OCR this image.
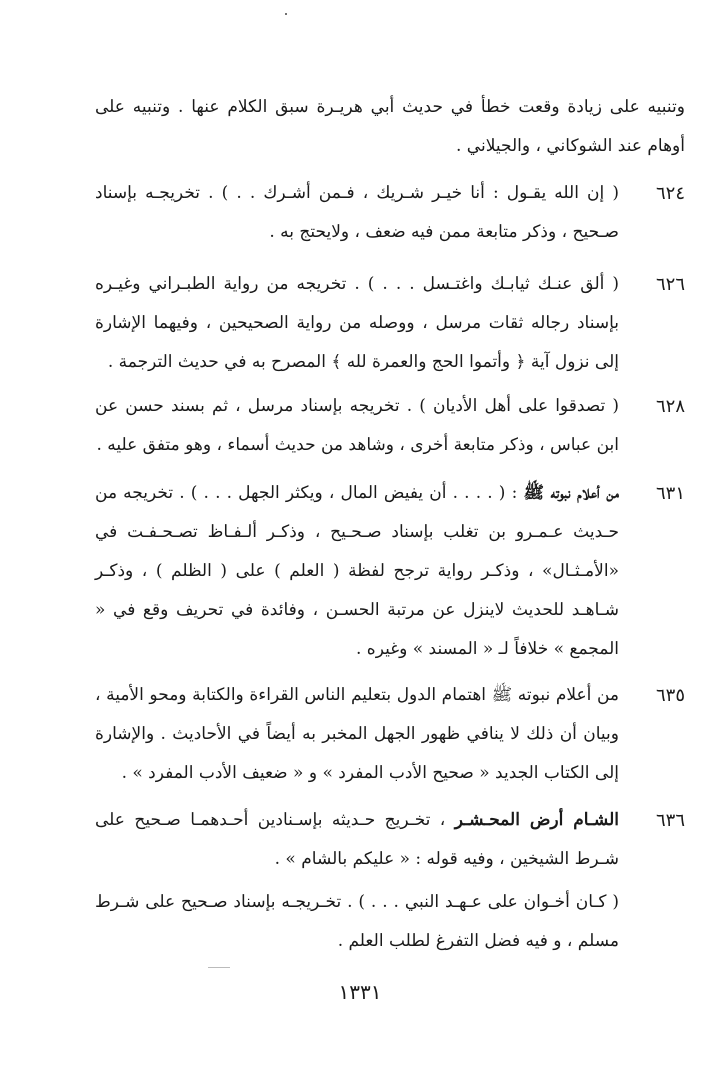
وتنبيه على زيادة وقعت خطأ في حديث أبي هريـرة سبق الكلام عنها . وتنبيه على أوهام عند الشوكاني ، والجيلاني .
٦٢٤
( إن الله يقـول : أنا خيـر شـريك ، فـمن أشـرك . . ) . تخريجـه بإسناد صـحيح ، وذكر متابعة ممن فيه ضعف ، ولايحتج به .
٦٢٦
( ألق عنـك ثيابـك واغتـسل . . . ) . تخريجه من رواية الطبـراني وغيـره بإسناد رجاله ثقات مرسل ، ووصله من رواية الصحيحين ، وفيهما الإشارة إلى نزول آية ﴿ وأتموا الحج والعمرة لله ﴾ المصرح به في حديث الترجمة .
٦٢٨
( تصدقوا على أهل الأديان ) . تخريجه بإسناد مرسل ، ثم بسند حسن عن ابن عباس ، وذكر متابعة أخرى ، وشاهد من حديث أسماء ، وهو متفق عليه .
٦٣١
من أعلام نبوته ﷺ : ( . . . . أن يفيض المال ، ويكثر الجهل . . . ) . تخريجه من حـديث عـمـرو بن تغلب بإسناد صـحـيح ، وذكـر ألـفـاظ تصـحـفـت في «الأمـثـال» ، وذكـر رواية ترجح لفظة ( العلم ) على ( الظلم ) ، وذكـر شـاهـد للحديث لاينزل عن مرتبة الحسـن ، وفائدة في تحريف وقع في « المجمع » خلافاً لـ « المسند » وغيره .
٦٣٥
من أعلام نبوته ﷺ اهتمام الدول بتعليم الناس القراءة والكتابة ومحو الأمية ، وبيان أن ذلك لا ينافي ظهور الجهل المخبر به أيضاً في الأحاديث . والإشارة إلى الكتاب الجديد « صحيح الأدب المفرد » و « ضعيف الأدب المفرد » .
٦٣٦
الشـام أرض المحـشـر ، تخـريج حـديثه بإسـنادين أحـدهمـا صـحيح على شـرط الشيخين ، وفيه قوله : « عليكم بالشام » .
( كـان أخـوان على عـهـد النبي . . . ) . تخـريجـه بإسناد صـحيح على شـرط مسلم ، و فيه فضل التفرغ لطلب العلم .
١٣٣١
